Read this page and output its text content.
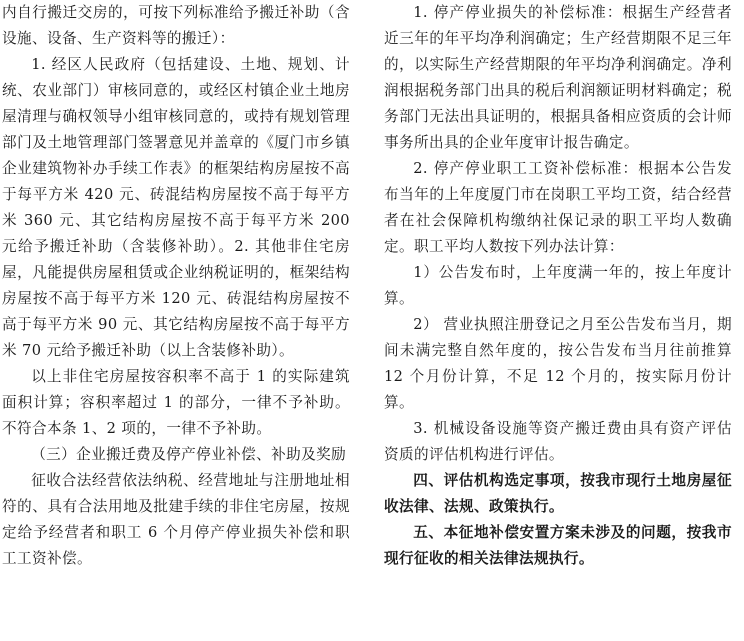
内自行搬迁交房的，可按下列标准给予搬迁补助（含设施、设备、生产资料等的搬迁）：

1. 经区人民政府（包括建设、土地、规划、计统、农业部门）审核同意的，或经区村镇企业土地房屋清理与确权领导小组审核同意的，或持有规划管理部门及土地管理部门签署意见并盖章的《厦门市乡镇企业建筑物补办手续工作表》的框架结构房屋按不高于每平方米 420 元、砖混结构房屋按不高于每平方米 360 元、其它结构房屋按不高于每平方米 200 元给予搬迁补助（含装修补助）。2. 其他非住宅房屋，凡能提供房屋租赁或企业纳税证明的，框架结构房屋按不高于每平方米 120 元、砖混结构房屋按不高于每平方米 90 元、其它结构房屋按不高于每平方米 70 元给予搬迁补助（以上含装修补助）。

以上非住宅房屋按容积率不高于 1 的实际建筑面积计算；容积率超过 1 的部分，一律不予补助。不符合本条 1、2 项的，一律不予补助。

（三）企业搬迁费及停产停业补偿、补助及奖励

征收合法经营依法纳税、经营地址与注册地址相符的、具有合法用地及批建手续的非住宅房屋，按规定给予经营者和职工 6 个月停产停业损失补偿和职工工资补偿。

1. 停产停业损失的补偿标准：根据生产经营者近三年的年平均净利润确定；生产经营期限不足三年的，以实际生产经营期限的年平均净利润确定。净利润根据税务部门出具的税后利润额证明材料确定；税务部门无法出具证明的，根据具备相应资质的会计师事务所出具的企业年度审计报告确定。

2. 停产停业职工工资补偿标准：根据本公告发布当年的上年度厦门市在岗职工平均工资，结合经营者在社会保障机构缴纳社保记录的职工平均人数确定。职工平均人数按下列办法计算：

1）公告发布时，上年度满一年的，按上年度计算。

2） 营业执照注册登记之月至公告发布当月，期间未满完整自然年度的，按公告发布当月往前推算 12 个月份计算，不足 12 个月的，按实际月份计算。

3. 机械设备设施等资产搬迁费由具有资产评估资质的评估机构进行评估。

四、评估机构选定事项，按我市现行土地房屋征收法律、法规、政策执行。

五、本征地补偿安置方案未涉及的问题，按我市现行征收的相关法律法规执行。
